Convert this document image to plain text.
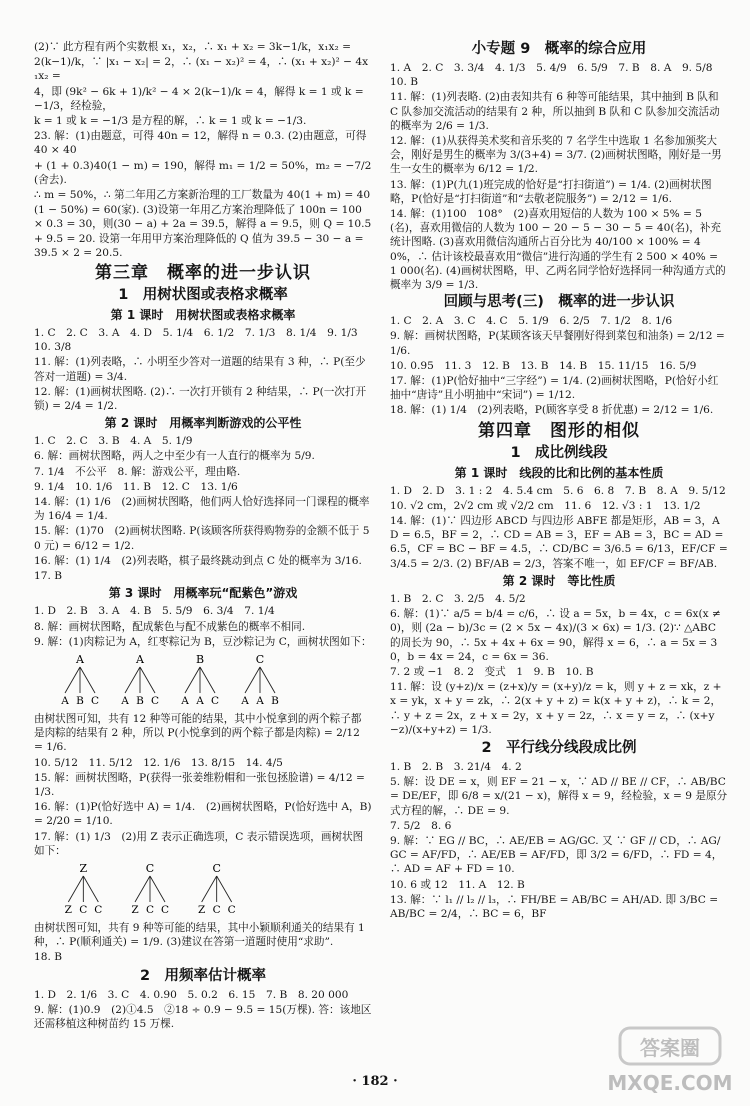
(2)∵ 此方程有两个实数根 x₁，x₂，∴ x₁ + x₂ = 3k−1/k，x₁x₂ =
2(k−1)/k，∵ |x₁ − x₂| = 2，∴ (x₁ − x₂)² = 4，∴ (x₁ + x₂)² − 4x₁x₂ =
4，即 (9k² − 6k + 1)/k² − 4 × 2(k−1)/k = 4，解得 k = 1 或 k = −1/3，经检验，
k = 1 或 k = −1/3 是方程的解，∴ k = 1 或 k = −1/3.
23. 解：(1)由题意，可得 40n = 12，解得 n = 0.3. (2)由题意，可得 40 × 40
+ (1 + 0.3)40(1 − m) = 190，解得 m₁ = 1/2 = 50%，m₂ = −7/2 (舍去).
∴ m = 50%，∴ 第二年用乙方案新治理的工厂数量为 40(1 + m) = 40
(1 − 50%) = 60(家). (3)设第一年用乙方案治理降低了 100n = 100 × 0.3 = 30，则(30 − a) + 2a = 39.5，解得 a = 9.5，则 Q = 10.5 + 9.5 = 20. 设第一年用甲方案治理降低的 Q 值为 39.5 − 30 − a = 39.5 × 2 = 20.5.
第三章　概率的进一步认识
1　用树状图或表格求概率
第 1 课时　用树状图或表格求概率
1. C　2. C　3. A　4. D　5. 1/4　6. 1/2　7. 1/3　8. 1/4　9. 1/3　10. 3/8
11. 解：(1)列表略，∴ 小明至少答对一道题的结果有 3 种，∴ P(至少答对一道题) = 3/4.
12. 解：(1)画树状图略. (2)∴ 一次打开锁有 2 种结果，∴ P(一次打开锁) = 2/4 = 1/2.
第 2 课时　用概率判断游戏的公平性
1. C　2. C　3. B　4. A　5. 1/9
6. 解：画树状图略，两人之中至少有一人直行的概率为 5/9.
7. 1/4　不公平　8. 解：游戏公平，理由略.
9. 1/4　10. 1/6　11. B　12. C　13. 1/6
14. 解：(1) 1/6　(2)画树状图略，他们两人恰好选择同一门课程的概率为 16/4 = 1/4.
15. 解：(1)70　(2)画树状图略. P(该顾客所获得购物券的金额不低于 50 元) = 6/12 = 1/2.
16. 解：(1) 1/4　(2)列表略，棋子最终跳动到点 C 处的概率为 3/16.
17. B
第 3 课时　用概率玩“配紫色”游戏
1. D　2. B　3. A　4. B　5. 5/9　6. 3/4　7. 1/4
8. 解：画树状图略，配成紫色与配不成紫色的概率不相同.
9. 解：(1)肉粽记为 A，红枣粽记为 B，豆沙粽记为 C，画树状图如下：
A
A B C
A
A B C
B
A A C
C
A A B
由树状图可知，共有 12 种等可能的结果，其中小悦拿到的两个粽子都是肉粽的结果有 2 种，所以 P(小悦拿到的两个粽子都是肉粽) = 2/12 = 1/6.
10. 5/12　11. 5/12　12. 1/6　13. 8/15　14. 4/5
15. 解：画树状图略，P(获得一张姜维粉帽和一张包拯脸谱) = 4/12 = 1/3.
16. 解：(1)P(恰好选中 A) = 1/4.　(2)画树状图略，P(恰好选中 A，B) = 2/20 = 1/10.
17. 解：(1) 1/3　(2)用 Z 表示正确选项，C 表示错误选项，画树状图如下：
Z
Z C C
C
Z C C
C
Z C C
由树状图可知，共有 9 种等可能的结果，其中小颖顺利通关的结果有 1 种，∴ P(顺利通关) = 1/9. (3)建议在答第一道题时使用“求助”.
18. B
2　用频率估计概率
1. D　2. 1/6　3. C　4. 0.90　5. 0.2　6. 15　7. B　8. 20 000
9. 解：(1)0.9　(2)①4.5　②18 ÷ 0.9 − 9.5 = 15(万棵). 答：该地区还需移植这种树苗约 15 万棵.
小专题 9　概率的综合应用
1. A　2. C　3. 3/4　4. 1/3　5. 4/9　6. 5/9　7. B　8. A　9. 5/8　10. B
11. 解：(1)列表略. (2)由表知共有 6 种等可能结果，其中抽到 B 队和 C 队参加交流活动的结果有 2 种，所以抽到 B 队和 C 队参加交流活动的概率为 2/6 = 1/3.
12. 解：(1)从获得美术奖和音乐奖的 7 名学生中选取 1 名参加颁奖大会，刚好是男生的概率为 3/(3+4) = 3/7. (2)画树状图略，刚好是一男生一女生的概率为 6/12 = 1/2.
13. 解：(1)P(九(1)班完成的恰好是“打扫街道”) = 1/4. (2)画树状图略，P(恰好是“打扫街道”和“去敬老院服务”) = 2/12 = 1/6.
14. 解：(1)100　108°　(2)喜欢用短信的人数为 100 × 5% = 5(名)，喜欢用微信的人数为 100 − 20 − 5 − 30 − 5 = 40(名)，补充统计图略. (3)喜欢用微信沟通所占百分比为 40/100 × 100% = 40%，∴ 估计该校最喜欢用“微信”进行沟通的学生有 2 500 × 40% = 1 000(名). (4)画树状图略，甲、乙两名同学恰好选择同一种沟通方式的概率为 3/9 = 1/3.
回顾与思考(三)　概率的进一步认识
1. C　2. A　3. C　4. C　5. 1/9　6. 2/5　7. 1/2　8. 1/6
9. 解：画树状图略，P(某顾客该天早餐刚好得到菜包和油条) = 2/12 = 1/6.
10. 0.95　11. 3　12. B　13. B　14. B　15. 11/15　16. 5/9
17. 解：(1)P(恰好抽中“三字经”) = 1/4. (2)画树状图略，P(恰好小红抽中“唐诗”且小明抽中“宋词”) = 1/12.
18. 解：(1) 1/4　(2)列表略，P(顾客享受 8 折优惠) = 2/12 = 1/6.
第四章　图形的相似
1　成比例线段
第 1 课时　线段的比和比例的基本性质
1. D　2. D　3. 1 : 2　4. 5.4 cm　5. 6　6. 8　7. B　8. A　9. 5/12
10. √2 cm，2√2 cm 或 √2/2 cm　11. 6　12. √3 : 1　13. 1/2
14. 解：(1)∵ 四边形 ABCD 与四边形 ABFE 都是矩形，AB = 3，AD = 6.5，BF = 2，∴ CD = AB = 3，EF = AB = 3，BC = AD = 6.5，CF = BC − BF = 4.5，∴ CD/BC = 3/6.5 = 6/13，EF/CF = 3/4.5 = 2/3. (2) BF/AB = 2/3，答案不唯一，如 EF/CF = BF/AB.
第 2 课时　等比性质
1. B　2. C　3. 2/5　4. 5/2
6. 解：(1)∵ a/5 = b/4 = c/6，∴ 设 a = 5x，b = 4x，c = 6x(x ≠ 0)，则 (2a − b)/3c = (2 × 5x − 4x)/(3 × 6x) = 1/3. (2)∵ △ABC 的周长为 90，∴ 5x + 4x + 6x = 90，解得 x = 6，∴ a = 5x = 30，b = 4x = 24，c = 6x = 36.
7. 2 或 −1　8. 2　变式　1　9. B　10. B
11. 解：设 (y+z)/x = (z+x)/y = (x+y)/z = k，则 y + z = xk，z + x = yk，x + y = zk，∴ 2(x + y + z) = k(x + y + z)，∴ k = 2，∴ y + z = 2x，z + x = 2y，x + y = 2z，∴ x = y = z，∴ (x+y−z)/(x+y+z) = 1/3.
2　平行线分线段成比例
1. B　2. B　3. 21/4　4. 2
5. 解：设 DE = x，则 EF = 21 − x，∵ AD // BE // CF，∴ AB/BC = DE/EF，即 6/8 = x/(21 − x)，解得 x = 9，经检验，x = 9 是原分式方程的解，∴ DE = 9.
7. 5/2　8. 6
9. 解：∵ EG // BC，∴ AE/EB = AG/GC. 又 ∵ GF // CD，∴ AG/GC = AF/FD，∴ AE/EB = AF/FD，即 3/2 = 6/FD，∴ FD = 4，∴ AD = AF + FD = 10.
10. 6 或 12　11. A　12. B
13. 解：∵ l₁ // l₂ // l₃，∴ FH/BE = AB/BC = AH/AD. 即 3/BC = AB/BC = 2/4，∴ BC = 6，BF
· 182 ·
答案圈
MXQE.COM
